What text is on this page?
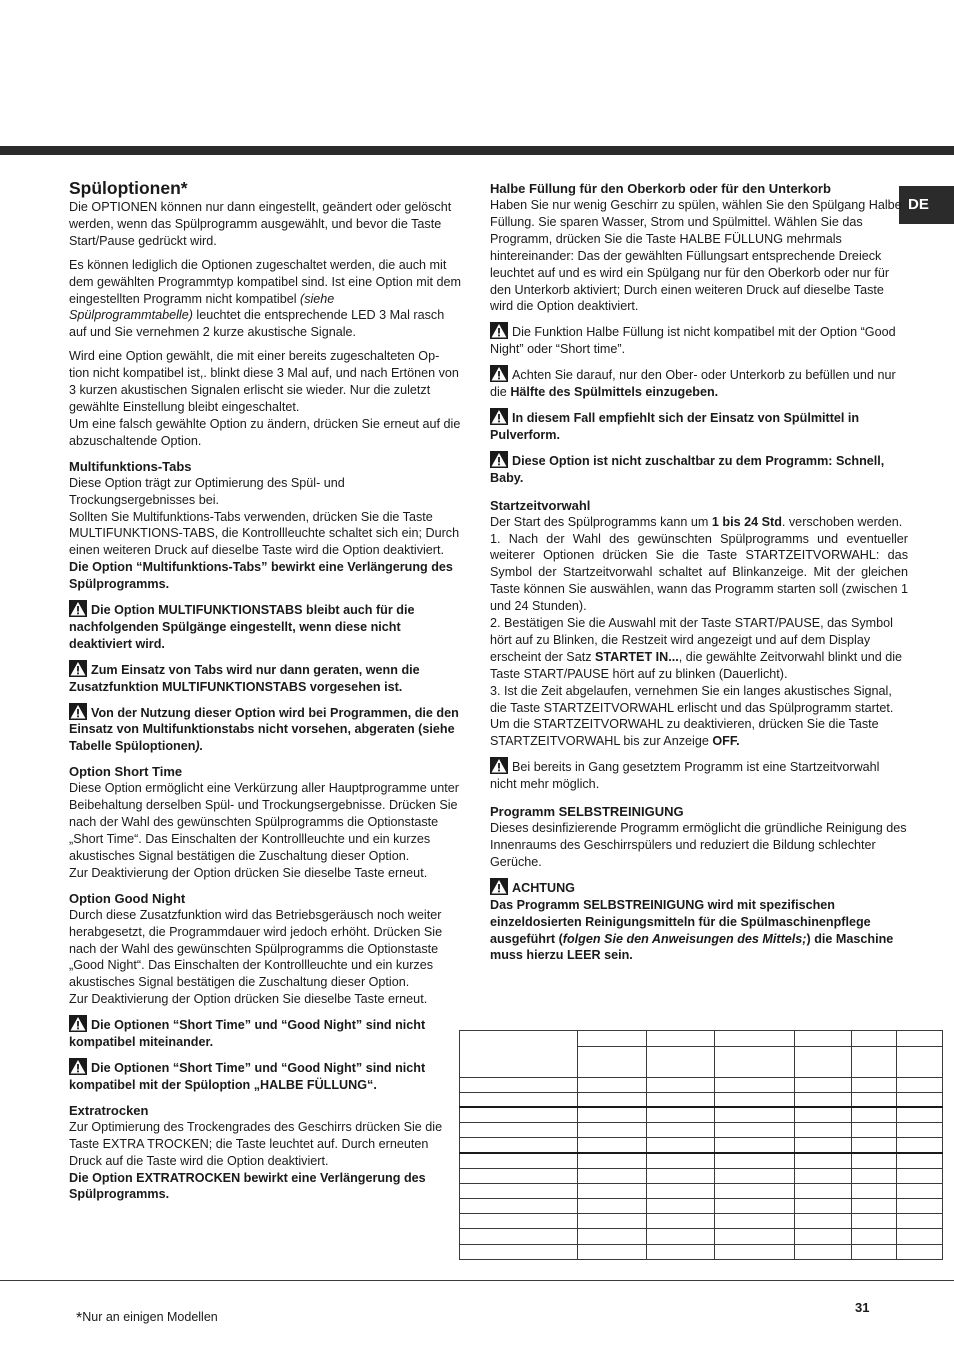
DE
Spüloptionen*

Die OPTIONEN können nur dann eingestellt, geändert oder gelöscht werden, wenn das Spülprogramm ausgewählt, und bevor die Taste Start/Pause gedrückt wird.

Es können lediglich die Optionen zugeschaltet werden, die auch mit dem gewählten Programmtyp kompatibel sind. Ist eine Option mit dem eingestellten Programm nicht kompatibel (siehe Spülprogrammtabelle) leuchtet die entsprechende LED 3 Mal rasch auf und Sie vernehmen 2 kurze akustische Signale.

Wird eine Option gewählt, die mit einer bereits zugeschalteten Op- tion nicht kompatibel ist,. blinkt diese 3 Mal auf, und nach Ertönen von 3 kurzen akustischen Signalen erlischt sie wieder. Nur die zuletzt gewählte Einstellung bleibt eingeschaltet.

Um eine falsch gewählte Option zu ändern, drücken Sie erneut auf die abzuschaltende Option.

Multifunktions-Tabs

Diese Option trägt zur Optimierung des Spül- und Trockungsergebnisses bei.

Sollten Sie Multifunktions-Tabs verwenden, drücken Sie die Taste MULTIFUNKTIONS-TABS, die Kontrollleuchte schaltet sich ein; Durch einen weiteren Druck auf dieselbe Taste wird die Option deaktiviert.

Die Option “Multifunktions-Tabs” bewirkt eine Verlängerung des Spülprogramms.

Die Option MULTIFUNKTIONSTABS bleibt auch für die nachfolgenden Spülgänge eingestellt, wenn diese nicht deaktiviert wird.

Zum Einsatz von Tabs wird nur dann geraten, wenn die Zusatzfunktion MULTIFUNKTIONSTABS vorgesehen ist.

Von der Nutzung dieser Option wird bei Programmen, die den Einsatz von Multifunktionstabs nicht vorsehen, abgeraten (siehe Tabelle Spüloptionen).

Option Short Time

Diese Option ermöglicht eine Verkürzung aller Hauptprogramme unter Beibehaltung derselben Spül- und Trockungsergebnisse. Drücken Sie nach der Wahl des gewünschten Spülprogramms die Optionstaste „Short Time“. Das Einschalten der Kontrollleuchte und ein kurzes akustisches Signal bestätigen die Zuschaltung dieser Option.

Zur Deaktivierung der Option drücken Sie dieselbe Taste erneut.

Option Good Night

Durch diese Zusatzfunktion wird das Betriebsgeräusch noch weiter herabgesetzt, die Programmdauer wird jedoch erhöht. Drücken Sie nach der Wahl des gewünschten Spülprogramms die Optionstaste „Good Night“. Das Einschalten der Kontrollleuchte und ein kurzes akustisches Signal bestätigen die Zuschaltung dieser Option.

Zur Deaktivierung der Option drücken Sie dieselbe Taste erneut.

Die Optionen “Short Time” und “Good Night” sind nicht kompatibel miteinander.

Die Optionen “Short Time” und “Good Night” sind nicht kompatibel mit der Spüloption „HALBE FÜLLUNG“.

Extratrocken

Zur Optimierung des Trockengrades des Geschirrs drücken Sie die Taste EXTRA TROCKEN; die Taste leuchtet auf. Durch erneuten Druck auf die Taste wird die Option deaktiviert.

Die Option EXTRATROCKEN bewirkt eine Verlängerung des Spülprogramms.

Halbe Füllung für den Oberkorb oder für den Unterkorb

Haben Sie nur wenig Geschirr zu spülen, wählen Sie den Spülgang Halbe Füllung. Sie sparen Wasser, Strom und Spülmittel. Wählen Sie das Programm, drücken Sie die Taste HALBE FÜLLUNG mehrmals hintereinander: Das der gewählten Füllungsart entsprechende Dreieck leuchtet auf und es wird ein Spülgang nur für den Oberkorb oder nur für den Unterkorb aktiviert; Durch einen weiteren Druck auf dieselbe Taste wird die Option deaktiviert.

Die Funktion Halbe Füllung ist nicht kompatibel mit der Option “Good Night” oder “Short time”.

Achten Sie darauf, nur den Ober- oder Unterkorb zu befüllen und nur die Hälfte des Spülmittels einzugeben.

In diesem Fall empfiehlt sich der Einsatz von Spülmittel in Pulverform.

Diese Option ist nicht zuschaltbar zu dem Programm: Schnell, Baby.

Startzeitvorwahl

Der Start des Spülprogramms kann um 1 bis 24 Std. verschoben werden.

1. Nach der Wahl des gewünschten Spülprogramms und eventueller weiterer Optionen drücken Sie die Taste STARTZEITVORWAHL: das Symbol der Startzeitvorwahl schaltet auf Blinkanzeige. Mit der gleichen Taste können Sie auswählen, wann das Programm starten soll (zwischen 1 und 24 Stunden).

2. Bestätigen Sie die Auswahl mit der Taste START/PAUSE, das Symbol hört auf zu Blinken, die Restzeit wird angezeigt und auf dem Display erscheint der Satz STARTET IN..., die gewählte Zeitvorwahl blinkt und die Taste START/PAUSE hört auf zu blinken (Dauerlicht).

3. Ist die Zeit abgelaufen, vernehmen Sie ein langes akustisches Signal, die Taste STARTZEITVORWAHL erlischt und das Spülprogramm startet.

Um die STARTZEITVORWAHL zu deaktivieren, drücken Sie die Taste STARTZEITVORWAHL bis zur Anzeige OFF.

Bei bereits in Gang gesetztem Programm ist eine Startzeitvorwahl nicht mehr möglich.

Programm SELBSTREINIGUNG

Dieses desinfizierende Programm ermöglicht die gründliche Reinigung des Innenraums des Geschirrspülers und reduziert die Bildung schlechter Gerüche.

ACHTUNG

Das Programm SELBSTREINIGUNG wird mit spezifischen einzeldosierten Reinigungsmitteln für die Spülmaschinenpflege ausgeführt (folgen Sie den Anweisungen des Mittels;) die Maschine muss hierzu LEER sein.

*Nur an einigen Modellen
31
